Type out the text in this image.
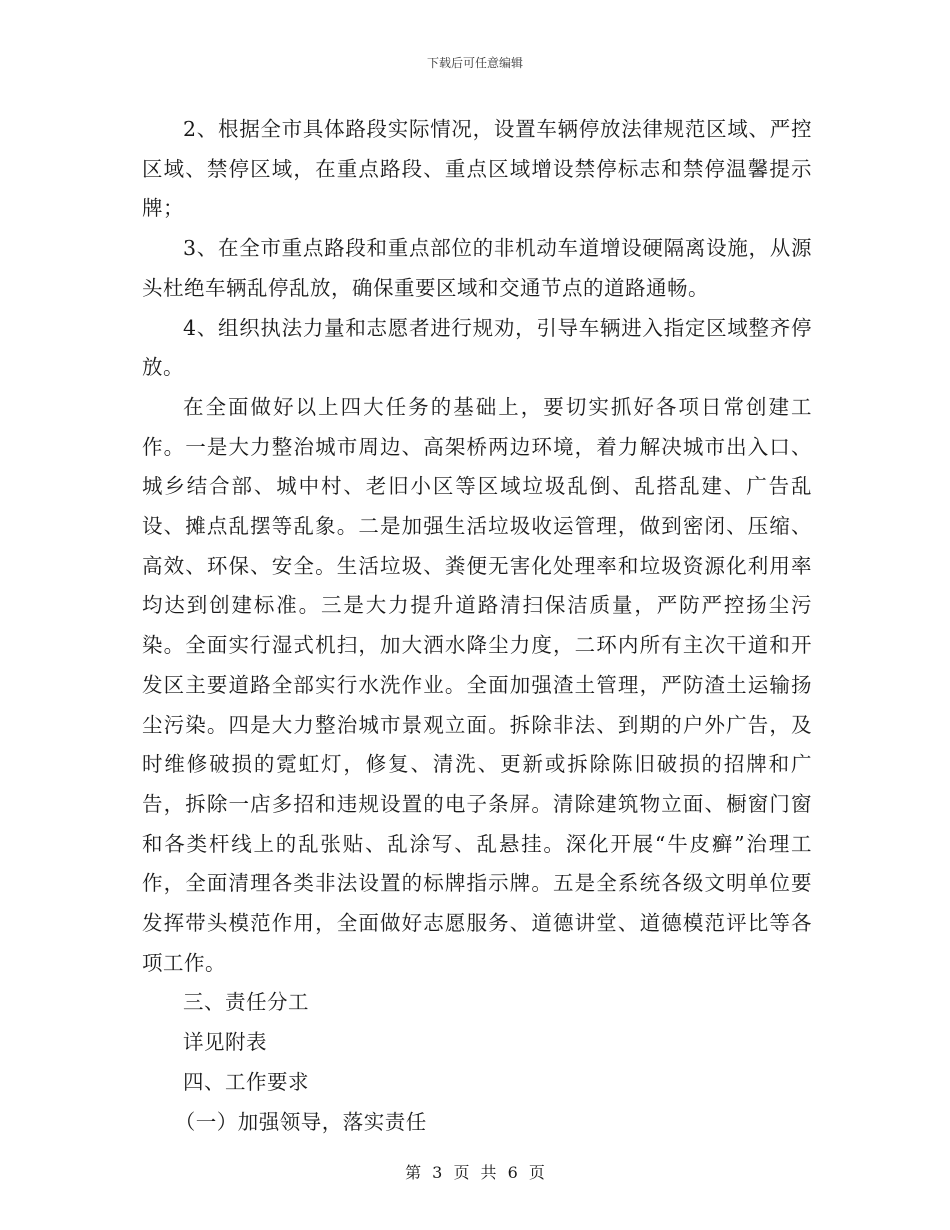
下载后可任意编辑

2、根据全市具体路段实际情况，设置车辆停放法律规范区域、严控区域、禁停区域，在重点路段、重点区域增设禁停标志和禁停温馨提示牌；

3、在全市重点路段和重点部位的非机动车道增设硬隔离设施，从源头杜绝车辆乱停乱放，确保重要区域和交通节点的道路通畅。

4、组织执法力量和志愿者进行规劝，引导车辆进入指定区域整齐停放。

在全面做好以上四大任务的基础上，要切实抓好各项日常创建工作。一是大力整治城市周边、高架桥两边环境，着力解决城市出入口、城乡结合部、城中村、老旧小区等区域垃圾乱倒、乱搭乱建、广告乱设、摊点乱摆等乱象。二是加强生活垃圾收运管理，做到密闭、压缩、高效、环保、安全。生活垃圾、粪便无害化处理率和垃圾资源化利用率均达到创建标准。三是大力提升道路清扫保洁质量，严防严控扬尘污染。全面实行湿式机扫，加大洒水降尘力度，二环内所有主次干道和开发区主要道路全部实行水洗作业。全面加强渣土管理，严防渣土运输扬尘污染。四是大力整治城市景观立面。拆除非法、到期的户外广告，及时维修破损的霓虹灯，修复、清洗、更新或拆除陈旧破损的招牌和广告，拆除一店多招和违规设置的电子条屏。清除建筑物立面、橱窗门窗和各类杆线上的乱张贴、乱涂写、乱悬挂。深化开展“牛皮癣”治理工作，全面清理各类非法设置的标牌指示牌。五是全系统各级文明单位要发挥带头模范作用，全面做好志愿服务、道德讲堂、道德模范评比等各项工作。

三、责任分工

详见附表

四、工作要求

（一）加强领导，落实责任

第 3 页 共 6 页
